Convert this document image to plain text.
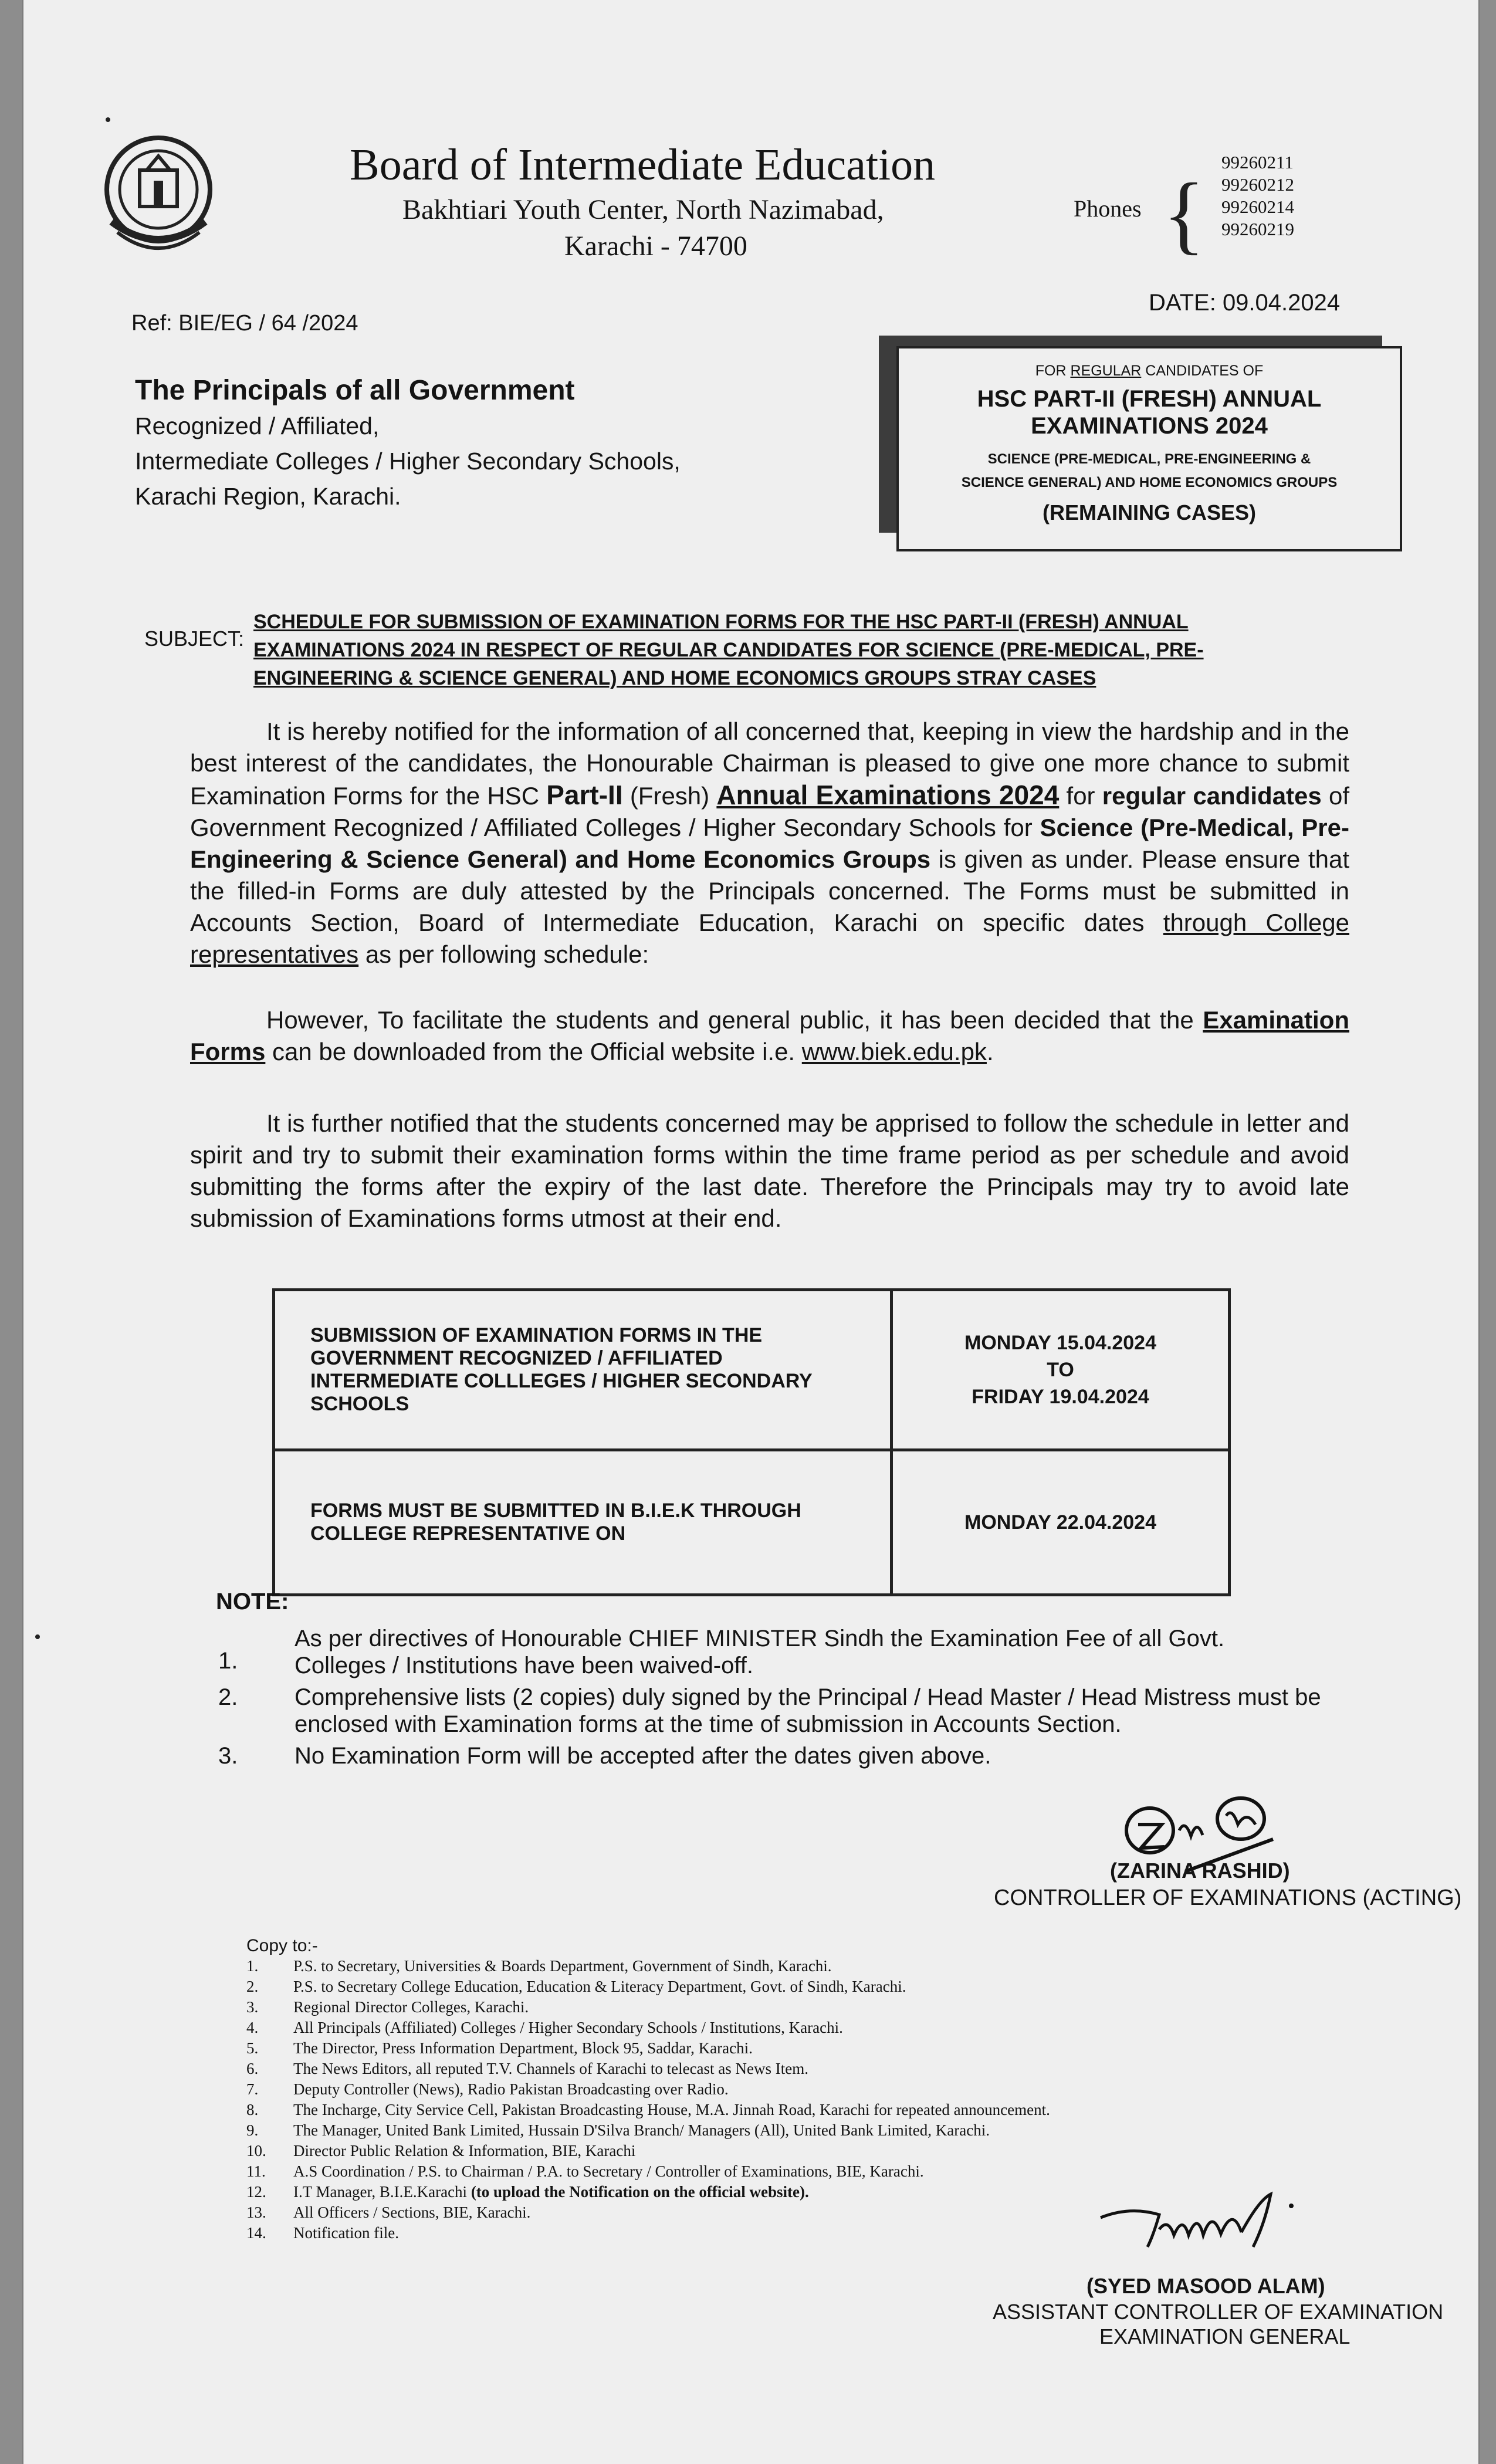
Board of Intermediate Education
Bakhtiari Youth Center, North Nazimabad,
Karachi - 74700
Phones {
99260211
99260212
99260214
99260219
Ref: BIE/EG / 64 /2024
DATE: 09.04.2024
The Principals of all Government
Recognized / Affiliated,
Intermediate Colleges / Higher Secondary Schools,
Karachi Region, Karachi.
FOR REGULAR CANDIDATES OF
HSC PART-II (FRESH) ANNUAL
EXAMINATIONS 2024
SCIENCE (PRE-MEDICAL, PRE-ENGINEERING &
SCIENCE GENERAL) AND HOME ECONOMICS GROUPS
(REMAINING CASES)
SUBJECT:
SCHEDULE FOR SUBMISSION OF EXAMINATION FORMS FOR THE HSC PART-II (FRESH) ANNUAL EXAMINATIONS 2024 IN RESPECT OF REGULAR CANDIDATES FOR SCIENCE (PRE-MEDICAL, PRE-ENGINEERING & SCIENCE GENERAL) AND HOME ECONOMICS GROUPS STRAY CASES
It is hereby notified for the information of all concerned that, keeping in view the hardship and in the best interest of the candidates, the Honourable Chairman is pleased to give one more chance to submit Examination Forms for the HSC Part-II (Fresh) Annual Examinations 2024 for regular candidates of Government Recognized / Affiliated Colleges / Higher Secondary Schools for Science (Pre-Medical, Pre-Engineering & Science General) and Home Economics Groups is given as under. Please ensure that the filled-in Forms are duly attested by the Principals concerned. The Forms must be submitted in Accounts Section, Board of Intermediate Education, Karachi on specific dates through College representatives as per following schedule:
However, To facilitate the students and general public, it has been decided that the Examination Forms can be downloaded from the Official website i.e. www.biek.edu.pk.
It is further notified that the students concerned may be apprised to follow the schedule in letter and spirit and try to submit their examination forms within the time frame period as per schedule and avoid submitting the forms after the expiry of the last date. Therefore the Principals may try to avoid late submission of Examinations forms utmost at their end.
SUBMISSION OF EXAMINATION FORMS IN THE GOVERNMENT RECOGNIZED / AFFILIATED INTERMEDIATE COLLLEGES / HIGHER SECONDARY SCHOOLS	MONDAY 15.04.2024
TO
FRIDAY 19.04.2024

FORMS MUST BE SUBMITTED IN B.I.E.K THROUGH COLLEGE REPRESENTATIVE ON	MONDAY 22.04.2024
NOTE:
1.
As per directives of Honourable CHIEF MINISTER Sindh the Examination Fee of all Govt. Colleges / Institutions have been waived-off.
2. Comprehensive lists (2 copies) duly signed by the Principal / Head Master / Head Mistress must be enclosed with Examination forms at the time of submission in Accounts Section.
3. No Examination Form will be accepted after the dates given above.
(ZARINA RASHID)
CONTROLLER OF EXAMINATIONS (ACTING)
Copy to:-
1. P.S. to Secretary, Universities & Boards Department, Government of Sindh, Karachi.
2. P.S. to Secretary College Education, Education & Literacy Department, Govt. of Sindh, Karachi.
3. Regional Director Colleges, Karachi.
4. All Principals (Affiliated) Colleges / Higher Secondary Schools / Institutions, Karachi.
5. The Director, Press Information Department, Block 95, Saddar, Karachi.
6. The News Editors, all reputed T.V. Channels of Karachi to telecast as News Item.
7. Deputy Controller (News), Radio Pakistan Broadcasting over Radio.
8. The Incharge, City Service Cell, Pakistan Broadcasting House, M.A. Jinnah Road, Karachi for repeated announcement.
9. The Manager, United Bank Limited, Hussain D'Silva Branch/ Managers (All), United Bank Limited, Karachi.
10. Director Public Relation & Information, BIE, Karachi
11. A.S Coordination / P.S. to Chairman / P.A. to Secretary / Controller of Examinations, BIE, Karachi.
12. I.T Manager, B.I.E.Karachi (to upload the Notification on the official website).
13. All Officers / Sections, BIE, Karachi.
14. Notification file.
(SYED MASOOD ALAM)
ASSISTANT CONTROLLER OF EXAMINATION
EXAMINATION GENERAL
